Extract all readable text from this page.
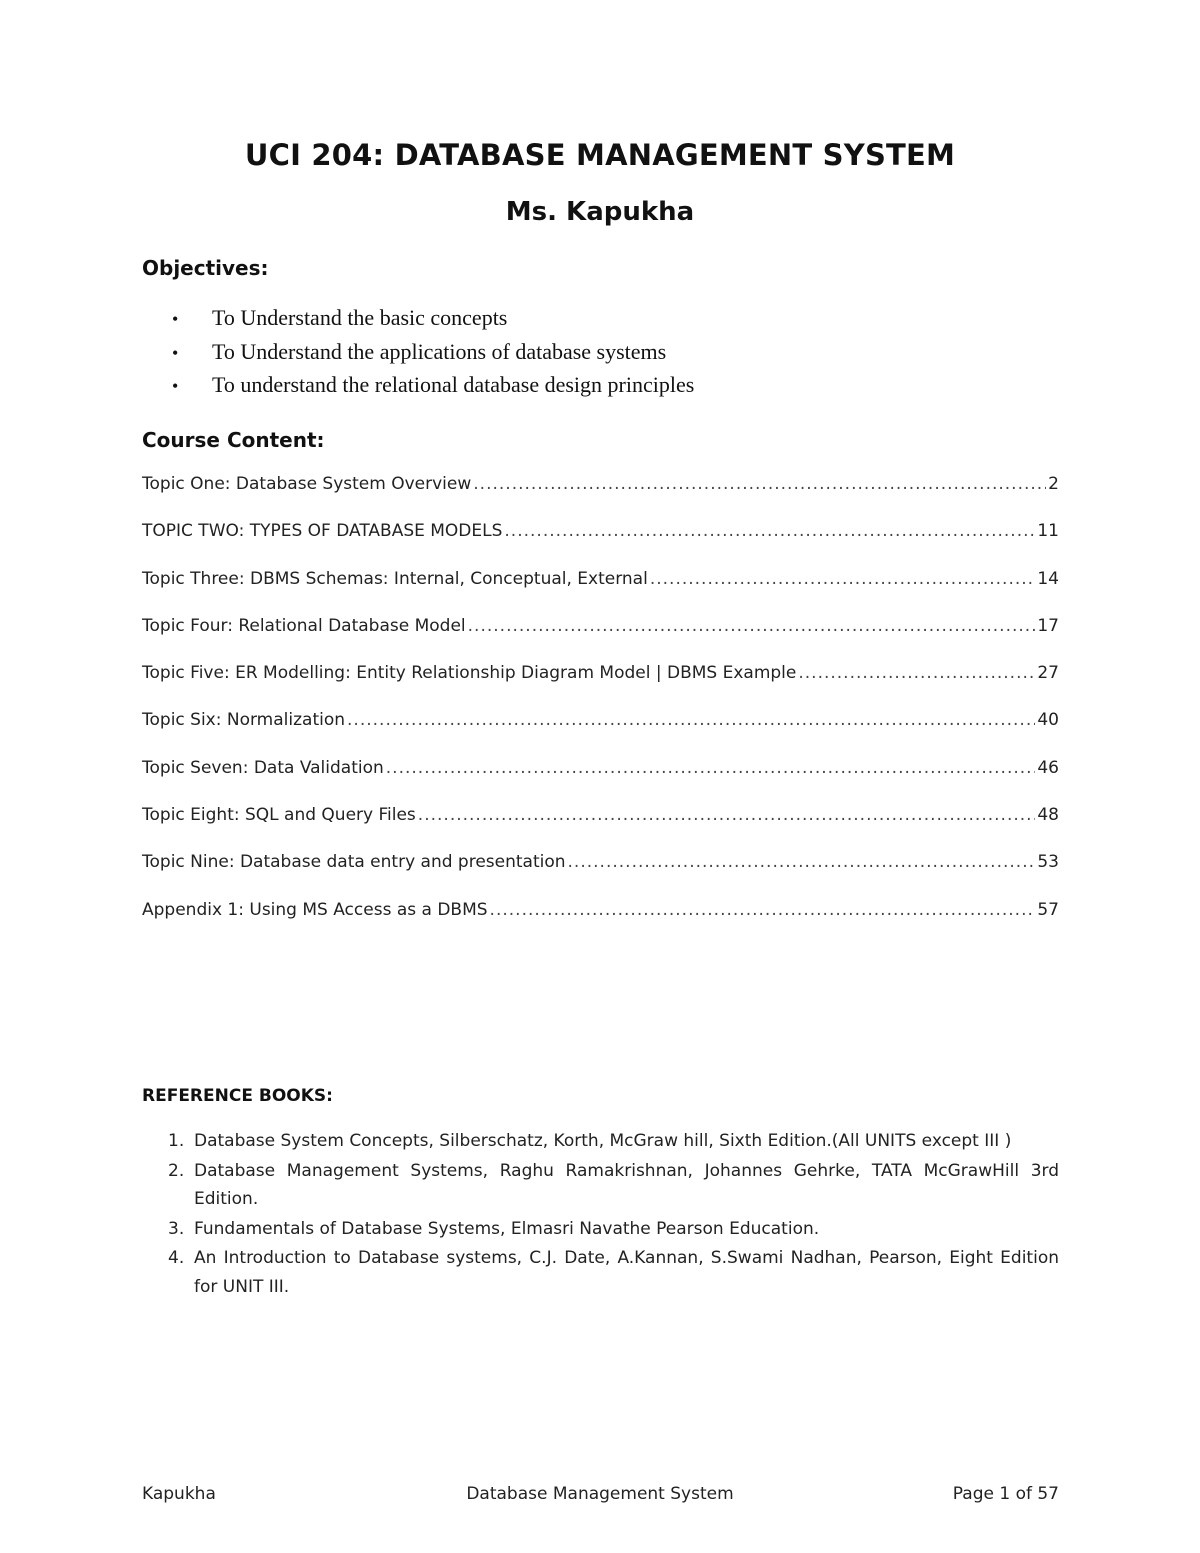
UCI 204: DATABASE MANAGEMENT SYSTEM
Ms. Kapukha
Objectives:
• To Understand the basic concepts
• To Understand the applications of database systems
• To understand the relational database design principles
Course Content:
Topic One: Database System Overview .....	2
TOPIC TWO: TYPES OF DATABASE MODELS .....	11
Topic Three: DBMS Schemas: Internal, Conceptual, External .....	14
Topic Four: Relational Database Model .....	17
Topic Five: ER Modelling: Entity Relationship Diagram Model | DBMS Example .....	27
Topic Six: Normalization .....	40
Topic Seven: Data Validation .....	46
Topic Eight: SQL and Query Files .....	48
Topic Nine: Database data entry and presentation .....	53
Appendix 1: Using MS Access as a DBMS .....	57
REFERENCE BOOKS:
1. Database System Concepts, Silberschatz, Korth, McGraw hill, Sixth Edition.(All UNITS except III )
2. Database Management Systems, Raghu Ramakrishnan, Johannes Gehrke, TATA McGrawHill 3rd Edition.
3. Fundamentals of Database Systems, Elmasri Navathe Pearson Education.
4. An Introduction to Database systems, C.J. Date, A.Kannan, S.Swami Nadhan, Pearson, Eight Edition for UNIT III.
Kapukha	Database Management System	Page 1 of 57
